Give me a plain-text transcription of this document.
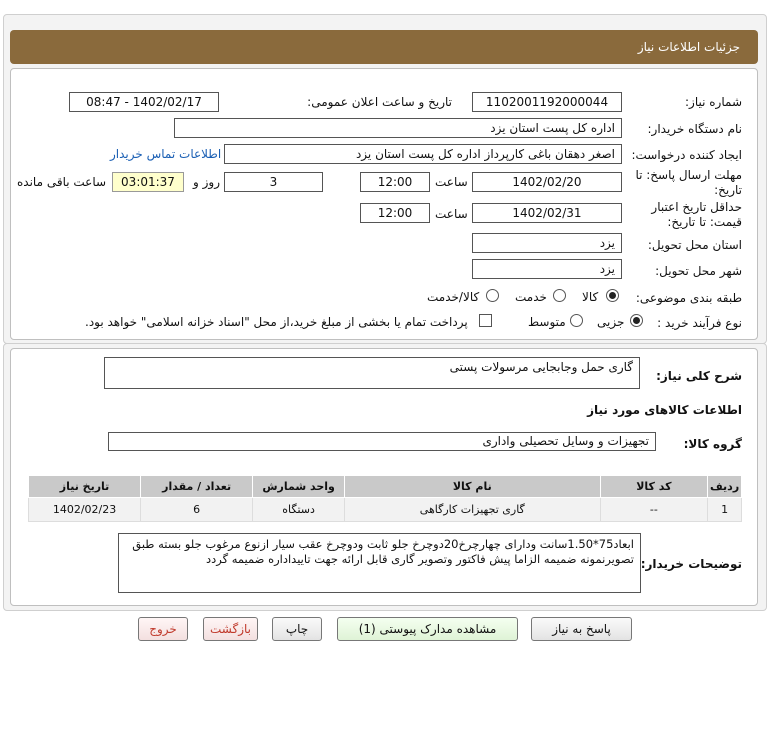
جزئیات اطلاعات نیاز
شماره نیاز:
1102001192000044
تاریخ و ساعت اعلان عمومی:
1402/02/17 - 08:47
نام دستگاه خریدار:
اداره کل پست استان یزد
ایجاد کننده درخواست:
اصغر دهقان باغی کارپرداز اداره کل پست استان یزد
اطلاعات تماس خریدار
مهلت ارسال پاسخ: تا
تاریخ:
1402/02/20
ساعت
12:00
3
روز و
03:01:37
ساعت باقی مانده
حداقل تاریخ اعتبار
قیمت: تا تاریخ:
1402/02/31
ساعت
12:00
استان محل تحویل:
یزد
شهر محل تحویل:
یزد
طبقه بندی موضوعی:
کالا
خدمت
کالا/خدمت
نوع فرآیند خرید :
جزیی
متوسط
پرداخت تمام یا بخشی از مبلغ خرید،از محل "اسناد خزانه اسلامی" خواهد بود.
شرح کلی نیاز:
گاری حمل وجابجایی مرسولات پستی
اطلاعات کالاهای مورد نیاز
گروه کالا:
تجهیزات و وسایل تحصیلی واداری
ردیف	کد کالا	نام کالا	واحد شمارش	تعداد / مقدار	تاریخ نیاز
1	--	گاری تجهیزات کارگاهی	دستگاه	6	1402/02/23
توضیحات خریدار:
ابعاد75*1.50سانت ودارای چهارچرخ20دوچرخ جلو ثابت ودوچرخ عقب سیار ازنوع مرغوب جلو بسته طبق تصویرنمونه ضمیمه الزاما پیش فاکتور وتصویر گاری قابل ارائه جهت تاییداداره ضمیمه گردد
پاسخ به نیاز
مشاهده مدارک پیوستی (1)
چاپ
بازگشت
خروج
